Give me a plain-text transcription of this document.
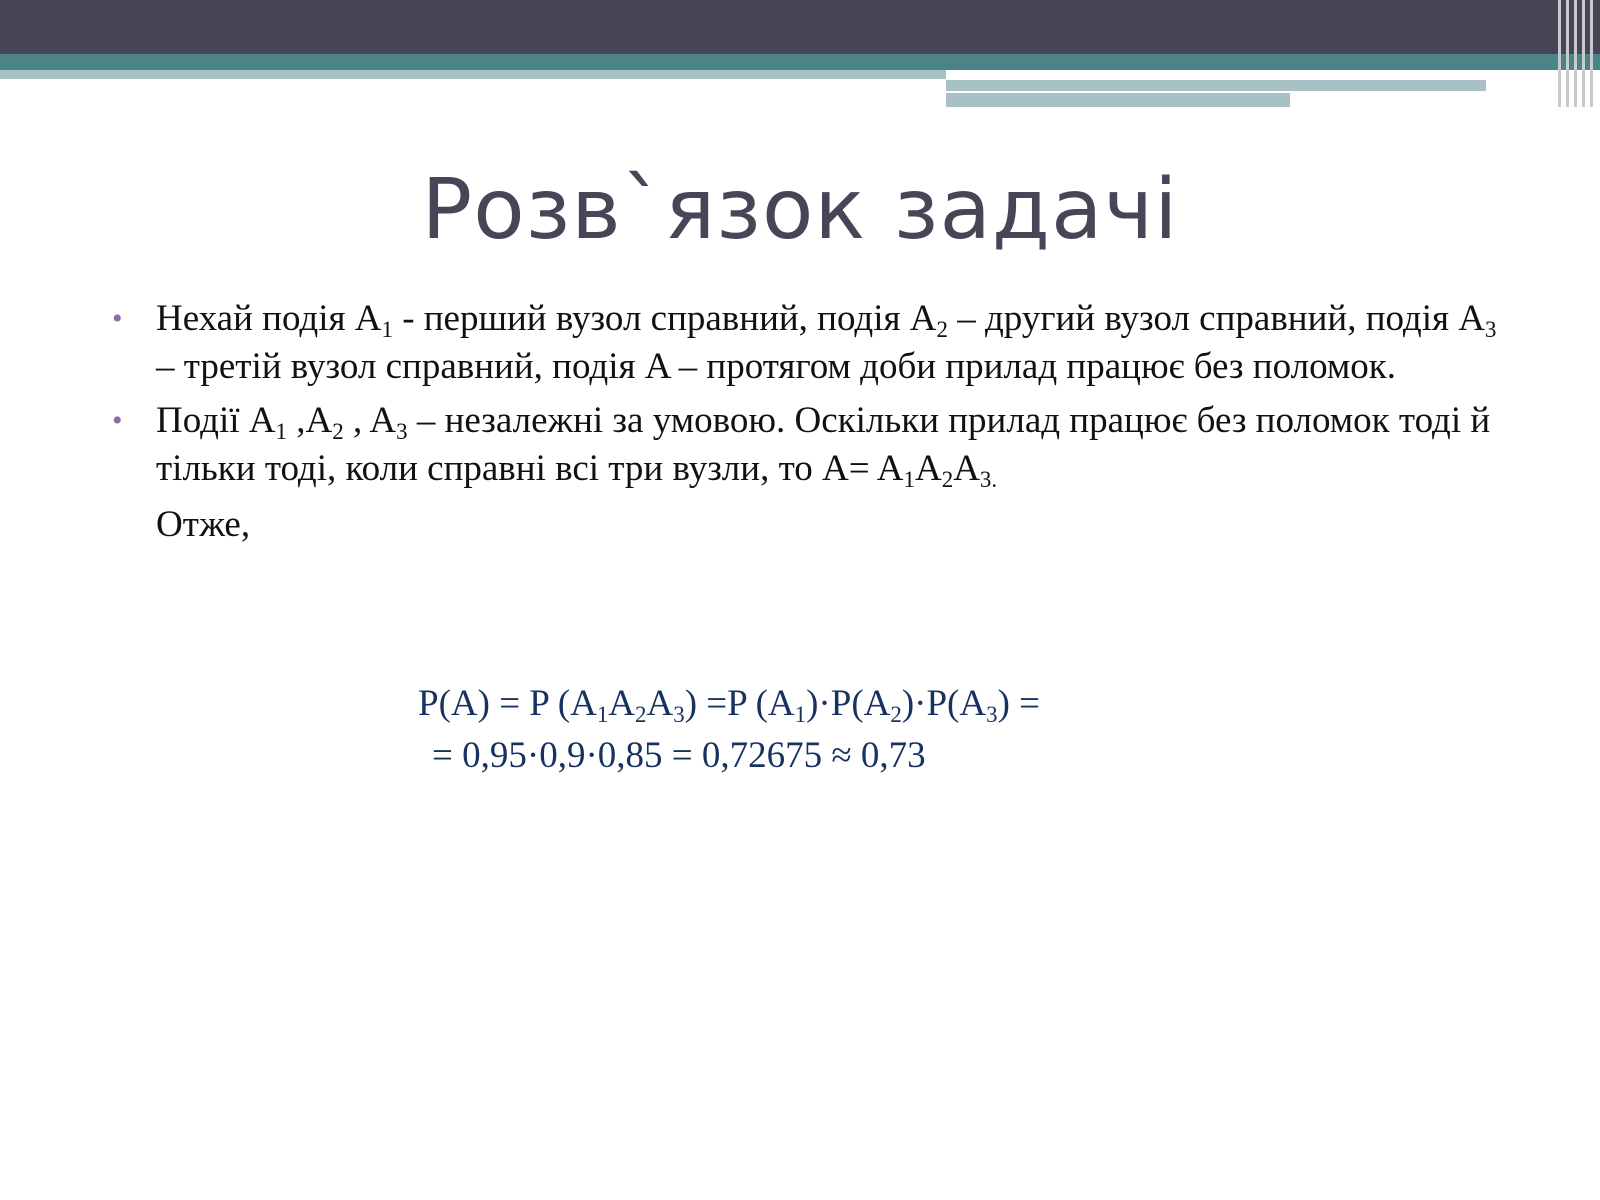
Розв`язок задачі
• Нехай подія $A_1$ - перший вузол справний, подія $A_2$ – другий вузол справний, подія $A_3$ – третій вузол справний, подія A – протягом доби прилад працює без поломок.
• Події $A_1$ $,A_2$ , $A_3$ – незалежні за умовою. Оскільки прилад працює без поломок тоді й тільки тоді, коли справні всі три вузли, то $A= A_1A_2A_{3.}$
Отже,
P(A) = P $(A_1A_2A_3) =P$ $(A_1)\cdot P(A_2)\cdot P(A_3)$ =
= 0,95·0,9·0,85 = 0,72675 ≈ 0,73
